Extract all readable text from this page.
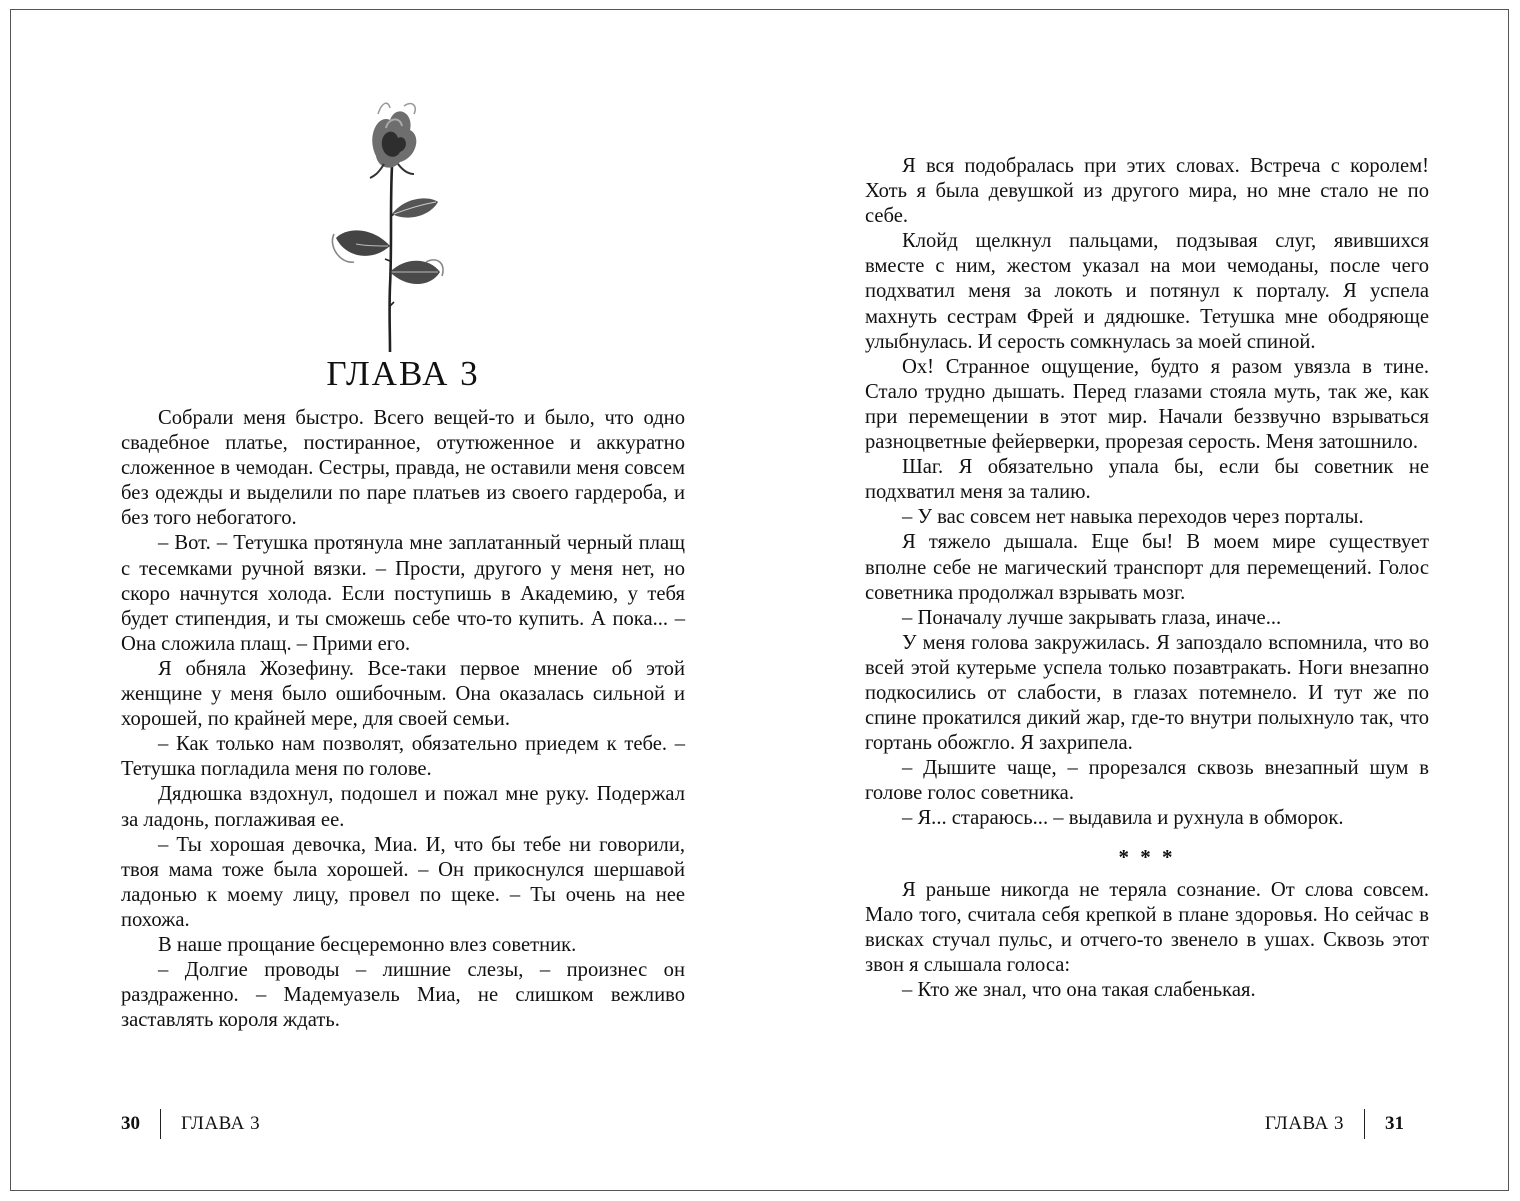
ГЛАВА 3

Собрали меня быстро. Всего вещей-то и было, что одно свадебное платье, постиранное, отутюженное и аккуратно сложенное в чемодан. Сестры, правда, не оставили меня совсем без одежды и выделили по паре платьев из своего гардероба, и без того небогатого.

– Вот. – Тетушка протянула мне заплатанный черный плащ с тесемками ручной вязки. – Прости, другого у меня нет, но скоро начнутся холода. Если поступишь в Академию, у тебя будет стипендия, и ты сможешь себе что-то купить. А пока... – Она сложила плащ. – Прими его.

Я обняла Жозефину. Все-таки первое мнение об этой женщине у меня было ошибочным. Она оказалась сильной и хорошей, по крайней мере, для своей семьи.

– Как только нам позволят, обязательно приедем к тебе. – Тетушка погладила меня по голове.

Дядюшка вздохнул, подошел и пожал мне руку. Подержал за ладонь, поглаживая ее.

– Ты хорошая девочка, Миа. И, что бы тебе ни говорили, твоя мама тоже была хорошей. – Он прикоснулся шершавой ладонью к моему лицу, провел по щеке. – Ты очень на нее похожа.

В наше прощание бесцеремонно влез советник.

– Долгие проводы – лишние слезы, – произнес он раздраженно. – Мадемуазель Миа, не слишком вежливо заставлять короля ждать.

30 ГЛАВА 3

Я вся подобралась при этих словах. Встреча с королем! Хоть я была девушкой из другого мира, но мне стало не по себе.

Клойд щелкнул пальцами, подзывая слуг, явившихся вместе с ним, жестом указал на мои чемоданы, после чего подхватил меня за локоть и потянул к порталу. Я успела махнуть сестрам Фрей и дядюшке. Тетушка мне ободряюще улыбнулась. И серость сомкнулась за моей спиной.

Ох! Странное ощущение, будто я разом увязла в тине. Стало трудно дышать. Перед глазами стояла муть, так же, как при перемещении в этот мир. Начали беззвучно взрываться разноцветные фейерверки, прорезая серость. Меня затошнило.

Шаг. Я обязательно упала бы, если бы советник не подхватил меня за талию.

– У вас совсем нет навыка переходов через порталы.

Я тяжело дышала. Еще бы! В моем мире существует вполне себе не магический транспорт для перемещений. Голос советника продолжал взрывать мозг.

– Поначалу лучше закрывать глаза, иначе...

У меня голова закружилась. Я запоздало вспомнила, что во всей этой кутерьме успела только позавтракать. Ноги внезапно подкосились от слабости, в глазах потемнело. И тут же по спине прокатился дикий жар, где-то внутри полыхнуло так, что гортань обожгло. Я захрипела.

– Дышите чаще, – прорезался сквозь внезапный шум в голове голос советника.

– Я... стараюсь... – выдавила и рухнула в обморок.

* * *

Я раньше никогда не теряла сознание. От слова совсем. Мало того, считала себя крепкой в плане здоровья. Но сейчас в висках стучал пульс, и отчего-то звенело в ушах. Сквозь этот звон я слышала голоса:

– Кто же знал, что она такая слабенькая.

ГЛАВА 3 31
